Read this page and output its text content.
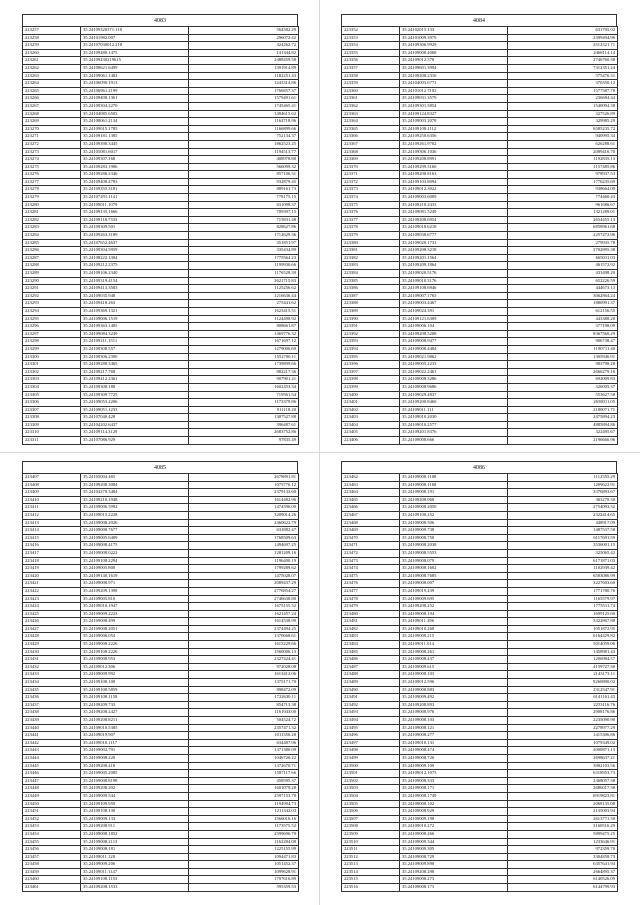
4083
223257	35.24109320371.118	564582.29
223258	35.24101982.007	296072.42
223259	35.24107030012.218	424262.72
223260	35.24109480.1475	141344.82
223261	35.24109430219615	2488459.58
223262	35.24108621.6499	1391914.89
223263	35.24109061.1482	1182251.43
223264	35.24106090.1913	1243314.86
223265	35.24106961.2199	1766857.37
223266	35.24109408.1361	1579491.61
223267	35.24109304.2270	1745465.41
223268	35.24104085.6503	1494615.62
223269	35.24108061.2134	1162718.96
223270	35.24109015.1785	1166899.66
223271	35.24109181.1385	752134.37
223272	35.24109390.3445	1862523.25
223273	35.24105081.6017	1194513.77
223274	35.24109307.168	408978.88
223275	35.24109283.1986	566099.32
223276	35.24109286.2346	857106.31
223277	35.24109408.4783	932879.45
223278	35.24109355.3181	889161.73
223279	35.24107291.1141	778175.15
223280	35.24109011.1079	631098.37
223281	35.24109135.1666	709397.15
223282	35.24109118.7333	715831.48
223283	35.24109309.501	828627.86
223284	35.24109263.3189	1712629.36
223285	35.24107652.4637	351851.97
223286	35.24109304.5959	335434.89
223287	35.24108222.1304	1775564.23
223288	35.24109212.2375	1199930.66
223289	35.24109106.2340	1176528.39
223290	35.24109319.4154	2621715.83
223291	35.24109413.3583	1125256.62
223292	35.24109035.948	1216636.44
223293	35.24109418.263	275441.62
223294	35.24109369.1321	1623415.51
223295	35.24109006.1519	1124498.92
223296	35.24109363.1405	808661.87
223297	35.24109084.3249	1469776.32
223298	35.24109211.1511	1671697.12
223299	35.24109308.557	1279006.69
223300	35.24109306.2390	1552700.11
223301	35.24109288.3465	1739899.66
223302	35.24109217.768	882217.36
223303	35.24109412.2361	907901.21
223304	35.24109308.188	1602453.34
223305	35.24109309.7725	719561.54
223306	35.24109053.2206	1173379.86
223307	35.24109051.1233	911118.20
223308	35.24107040.428	1307527.88
223309	35.24104202.6437	396487.61
223310	35.24109114.3129	2683752.86
223311	35.24107086.929	97835.49
4084
223352	35.24102015.133	631705.02
223353	35.24101009.3979	2399494.96
223354	35.24109306.9929	2512321.71
223355	35.24109008.4068	2468114.14
223356	35.24109012.570	2746760.38
223357	35.24109601.3994	7312351.24
223358	35.24109208.2316	575476.31
223359	35.24104003.6771	370350.12
223360	35.24101012.7102	1577587.78
223361	35.24109031.3579	236684.44
223362	35.24109301.3854	1540094.38
223363	35.24109124.8327	327526.89
223364	35.24109003.2078	329985.29
223365	35.24109108.1112	6585235.72
223366	35.24109250.6356	940995.34
223367	35.24109261.9702	626288.61
223368	35.24109306.1036	2089416.70
223369	35.24109208.8991	1192835.13
223370	35.24109299.3160	1157485.86
223371	35.24109208.8163	978937.53
223372	35.24109103.8094	1776235.69
223373	35.24109012.3022	938664.09
223374	35.24109003.6009	774460.43
223375	35.24109210.2433	961686.67
223376	35.24109081.5249	1321289.01
223377	35.24109208.6954	2654455.13
223378	35.24109018.6218	6858961.68
223379	35.24109038.6777	2257472.96
223380	35.24109020.1731	279935.78
223381	35.24109208.3218	2702895.38
223382	35.24109201.1564	665011.03
223383	35.24109209.1864	461572.92
223384	35.24109020.5176	433498.20
223385	35.24109010.3176	652226.59
223386	35.24109108.6946	444673.13
223387	35.24109007.1765	3062864.24
223388	35.24109003.4467	1880991.37
223389	35.24109024.391	612156.55
223390	35.24109121.6309	443388.20
223391	35.24109006.104	377198.09
223392	35.24109208.5208	8367560.29
223393	35.24109008.9477	906738.47
223394	35.24109008.4484	1190711.40
223395	35.24109021.9862	1305946.91
223396	35.24109005.2233	983798.28
223397	35.24109022.2461	2666279.16
223398	35.24109008.3286	692009.83
223399	35.24109008.9686	326005.37
223400	35.24109029.4837	553627.58
223401	35.24109200.8460	2658011.05
223402	35.24109011.111	2180071.71
223403	35.24109010.2030	2475894.23
223404	35.24109010.2577	4885894.86
223405	35.24109201.8376	322495.67
223406	35.24109008.666	2196666.96
4085
223407	35.24105004.465	2678891.81
223408	35.24109208.3084	1075776.12
223409	35.24104270.3484	2379133.60
223410	35.24109210.1948	1614482.96
223411	35.24109006.5992	1474596.00
223412	35.24109015.2228	3209014.26
223413	35.24109008.2026	2460622.79
223414	35.24109008.7677	631882.47
223415	35.24109005.6409	1768509.63
223416	35.24109008.4175	1494697.25
223417	35.24109008.0222	1281209.16
223418	35.24109108.2294	1196400.19
223419	35.24109005.800	1799289.62
223420	35.24109140.1619	1475028.07
223421	35.24109008.971	2089437.29
223422	35.24109209.1398	2776854.27
223423	35.24109005.810	2746638.80
223424	35.24109010.1947	1675155.52
223425	35.24109009.2223	1621457.24
223426	35.24109008.499	1614538.99
223427	35.24109008.2051	2374494.25
223428	35.24109006.054	1370668.61
223429	35.24109008.2226	1615229.66
223430	35.24109108.2226	1560006.13
223431	35.24109008.953	2327424.41
223432	35.24109012.306	972028.08
223433	35.24109009.992	1613412.06
223434	35.24109108.100	1375171.70
223435	35.24109108.5859	898472.09
223436	35.24109108.1158	1722630.11
223437	35.24109209.733	854713.38
223438	35.24109208.2427	1161943.00
223439	35.24109208.8211	504524.72
223440	35.24109010.5385	2357471.32
223441	35.24109019.907	1011356.28
223442	35.24109010.1117	634487.96
223443	35.24109002.791	1371380.09
223444	35.24109008.220	1046726.22
223445	35.24109208.418	1372670.71
223446	35.24109005.2085	1587117.66
223447	35.24109008.8198	458595.37
223448	35.24109208.202	1601079.28
223449	35.24109009.544	2597153.70
223450	35.24109109.959	1194994.73
223451	35.24109108.130	1211342.03
223452	35.24109009.133	1566016.16
223453	35.24109208.911	1173575.52
223454	35.24109008.1852	2599696.79
223455	35.24109008.2113	1162284.08
223456	35.24109008.181	1225155.99
223457	35.24109011.128	1094471.83
223458	35.24109009.206	1051452.37
223459	35.24109011.1147	1099628.91
223460	35.24109108.1153	1797616.89
223461	35.24109208.1533	595359.53
4086
223462	35.24109008.1108	1112555.29
223463	35.24109008.1168	1209622.91
223464	35.24109008.191	3376893.67
223465	35.24109208.960	363278.30
223466	35.24109008.2050	2754093.32
223467	35.24109100.252	2322414.65
223468	35.24109008.506	448917.09
223469	35.24109009.738	1487537.58
223470	35.24109008.750	6117691.59
223471	35.24109008.2038	3536001.15
223472	35.24109008.5553	325065.42
223473	35.24109008.079	6171871.03
223474	35.24109008.1602	1102939.42
223475	35.24109008.7685	6583086.99
223476	35.24109008.007	3227603.60
223477	35.24109019.439	1771780.76
223478	35.24109009.695	1165579.97
223479	35.24109208.252	1775511.74
223480	35.24109008.194	1699125.60
223481	35.24109011.296	3322867.88
223482	35.24109010.260	1051872.95
223483	35.24109009.215	6164429.82
223484	35.24109011.014	5014059.06
223485	35.24109008.261	1458981.43
223486	35.24109008.437	1206984.57
223487	35.24109009.615	4159727.30
223488	35.24109008.103	2143173.11
223489	35.24109012.596	8260890.02
223490	35.24109008.883	2312547.91
223491	35.24109009.492	6141161.43
223492	35.24109208.893	2253116.76
223493	35.24109008.976	2908176.86
223494	35.24109008.103	2235090.90
223495	35.24109008.121	2278977.29
223496	35.24109008.277	1415306.86
223497	35.24109010.131	1079349.02
223498	35.24109008.474	2000871.13
223499	35.24109008.726	2698637.21
223500	35.24109009.109	3982103.56
223501	35.24109012.1075	6318953.73
223502	35.24109008.333	2368057.38
223503	35.24109008.171	2686017.38
223504	35.24109008.1749	6919823.81
223505	35.24109008.102	2068135.08
223506	35.24109008.929	2135003.94
223507	35.24109009.198	2613771.50
223508	35.24109010.272	3160516.29
223509	35.24109008.266	5899475.25
223510	35.24109009.344	1233646.91
223511	35.24109009.305	972359.70
223512	35.24109008.729	3304858.73
223513	35.24109009.890	6357641.94
223514	35.24109208.298	2664895.37
223515	35.24109008.273	6140526.09
223516	35.24109008.173	6144799.93
